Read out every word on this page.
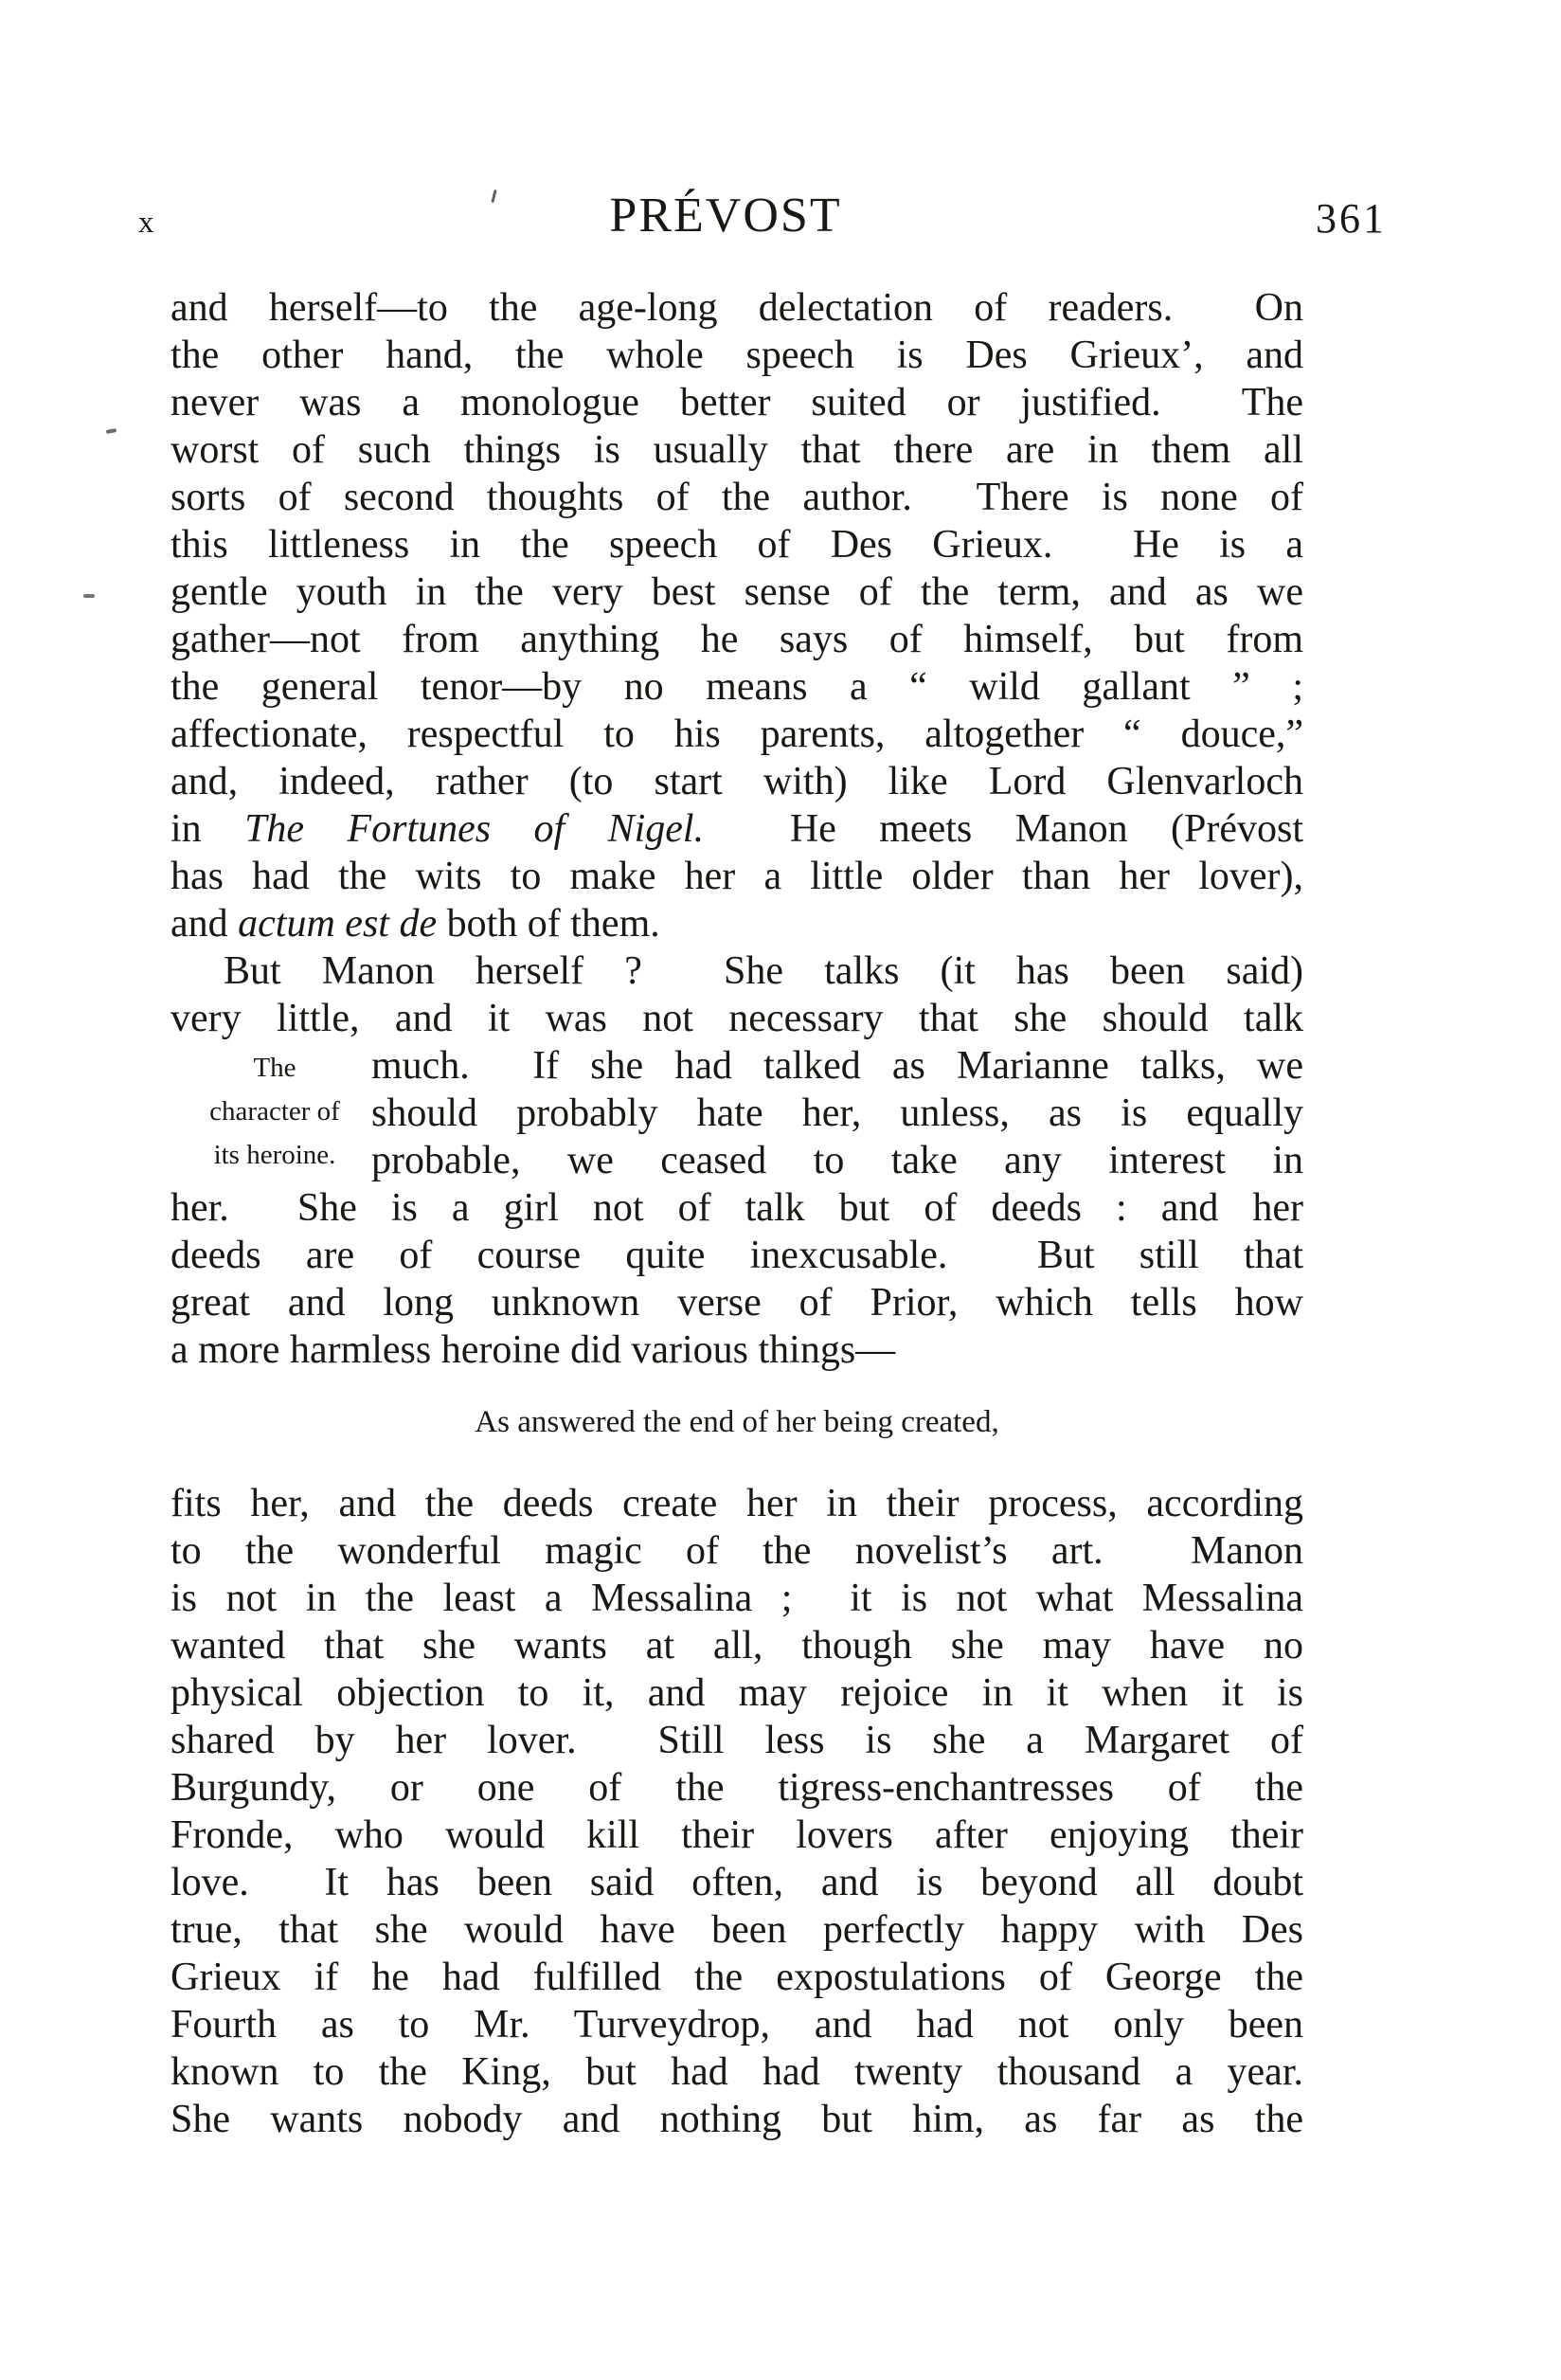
x	PRÉVOST	361
and herself—to the age-long delectation of readers.  On
the other hand, the whole speech is Des Grieux’, and
never was a monologue better suited or justified.  The
worst of such things is usually that there are in them all
sorts of second thoughts of the author.  There is none of
this littleness in the speech of Des Grieux.  He is a
gentle youth in the very best sense of the term, and as we
gather—not from anything he says of himself, but from
the general tenor—by no means a “ wild gallant ” ;
affectionate, respectful to his parents, altogether “ douce,”
and, indeed, rather (to start with) like Lord Glenvarloch
in The Fortunes of Nigel.  He meets Manon (Prévost
has had the wits to make her a little older than her lover),
and actum est de both of them.
But Manon herself ?  She talks (it has been said)
very little, and it was not necessary that she should talk
The
character of
its heroine.
much.  If she had talked as Marianne talks, we
should probably hate her, unless, as is equally
probable, we ceased to take any interest in
her.  She is a girl not of talk but of deeds : and her
deeds are of course quite inexcusable.  But still that
great and long unknown verse of Prior, which tells how
a more harmless heroine did various things—
As answered the end of her being created,
fits her, and the deeds create her in their process, according
to the wonderful magic of the novelist’s art.  Manon
is not in the least a Messalina ;  it is not what Messalina
wanted that she wants at all, though she may have no
physical objection to it, and may rejoice in it when it is
shared by her lover.  Still less is she a Margaret of
Burgundy, or one of the tigress-enchantresses of the
Fronde, who would kill their lovers after enjoying their
love.  It has been said often, and is beyond all doubt
true, that she would have been perfectly happy with Des
Grieux if he had fulfilled the expostulations of George the
Fourth as to Mr. Turveydrop, and had not only been
known to the King, but had had twenty thousand a year.
She wants nobody and nothing but him, as far as the
